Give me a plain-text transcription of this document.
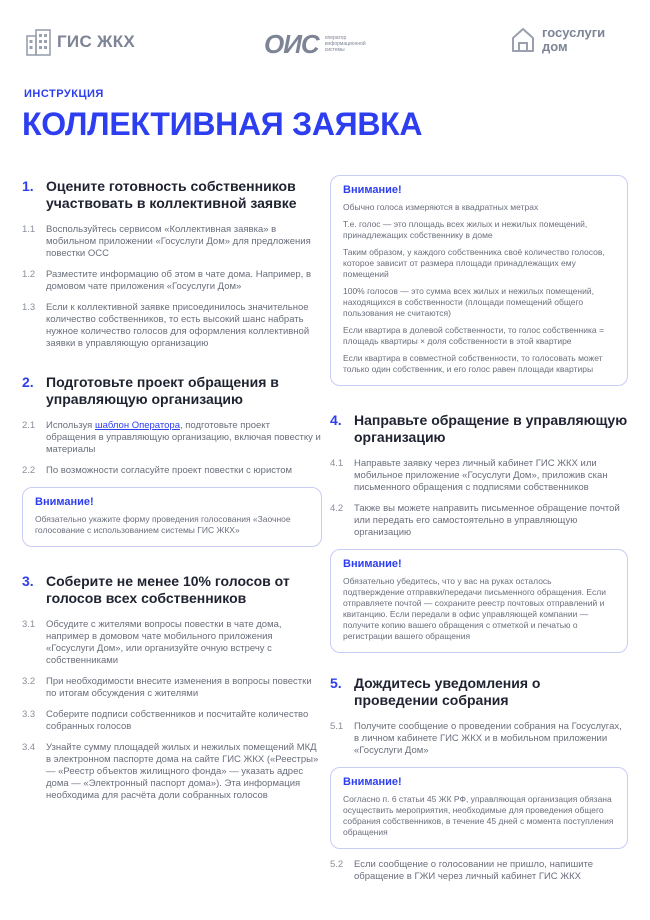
ГИС ЖКХ	ОИС оператор информационной системы
госуслуги
дом
ИНСТРУКЦИЯ
КОЛЛЕКТИВНАЯ ЗАЯВКА
1. Оцените готовность собственников участвовать в коллективной заявке
1.1 Воспользуйтесь сервисом «Коллективная заявка» в мобильном приложении «Госуслуги Дом» для предложения повестки ОСС
1.2 Разместите информацию об этом в чате дома. Например, в домовом чате приложения «Госуслуги Дом»
1.3 Если к коллективной заявке присоединилось значительное количество собственников, то есть высокий шанс набрать нужное количество голосов для оформления коллективной заявки в управляющую организацию
2. Подготовьте проект обращения в управляющую организацию
2.1 Используя шаблон Оператора, подготовьте проект обращения в управляющую организацию, включая повестку и материалы
2.2 По возможности согласуйте проект повестки с юристом
Внимание!
Обязательно укажите форму проведения голосования «Заочное голосование с использованием системы ГИС ЖКХ»
3. Соберите не менее 10% голосов от голосов всех собственников
3.1 Обсудите с жителями вопросы повестки в чате дома, например в домовом чате мобильного приложения «Госуслуги Дом», или организуйте очную встречу с собственниками
3.2 При необходимости внесите изменения в вопросы повестки по итогам обсуждения с жителями
3.3 Соберите подписи собственников и посчитайте количество собранных голосов
3.4 Узнайте сумму площадей жилых и нежилых помещений МКД в электронном паспорте дома на сайте ГИС ЖКХ («Реестры» — «Реестр объектов жилищного фонда» — указать адрес дома — «Электронный паспорт дома»). Эта информация необходима для расчёта доли собранных голосов
Внимание!
Обычно голоса измеряются в квадратных метрах
Т.е. голос — это площадь всех жилых и нежилых помещений, принадлежащих собственнику в доме
Таким образом, у каждого собственника своё количество голосов, которое зависит от размера площади принадлежащих ему помещений
100% голосов — это сумма всех жилых и нежилых помещений, находящихся в собственности (площади помещений общего пользования не считаются)
Если квартира в долевой собственности, то голос собственника = площадь квартиры × доля собственности в этой квартире
Если квартира в совместной собственности, то голосовать может только один собственник, и его голос равен площади квартиры
4. Направьте обращение в управляющую организацию
4.1 Направьте заявку через личный кабинет ГИС ЖКХ или мобильное приложение «Госуслуги Дом», приложив скан письменного обращения с подписями собственников
4.2 Также вы можете направить письменное обращение почтой или передать его самостоятельно в управляющую организацию
Внимание!
Обязательно убедитесь, что у вас на руках осталось подтверждение отправки/передачи письменного обращения. Если отправляете почтой — сохраните реестр почтовых отправлений и квитанцию. Если передали в офис управляющей компании — получите копию вашего обращения с отметкой и печатью о регистрации вашего обращения
5. Дождитесь уведомления о проведении собрания
5.1 Получите сообщение о проведении собрания на Госуслугах, в личном кабинете ГИС ЖКХ и в мобильном приложении «Госуслуги Дом»
Внимание!
Согласно п. 6 статьи 45 ЖК РФ, управляющая организация обязана осуществить мероприятия, необходимые для проведения общего собрания собственников, в течение 45 дней с момента поступления обращения
5.2 Если сообщение о голосовании не пришло, напишите обращение в ГЖИ через личный кабинет ГИС ЖКХ
